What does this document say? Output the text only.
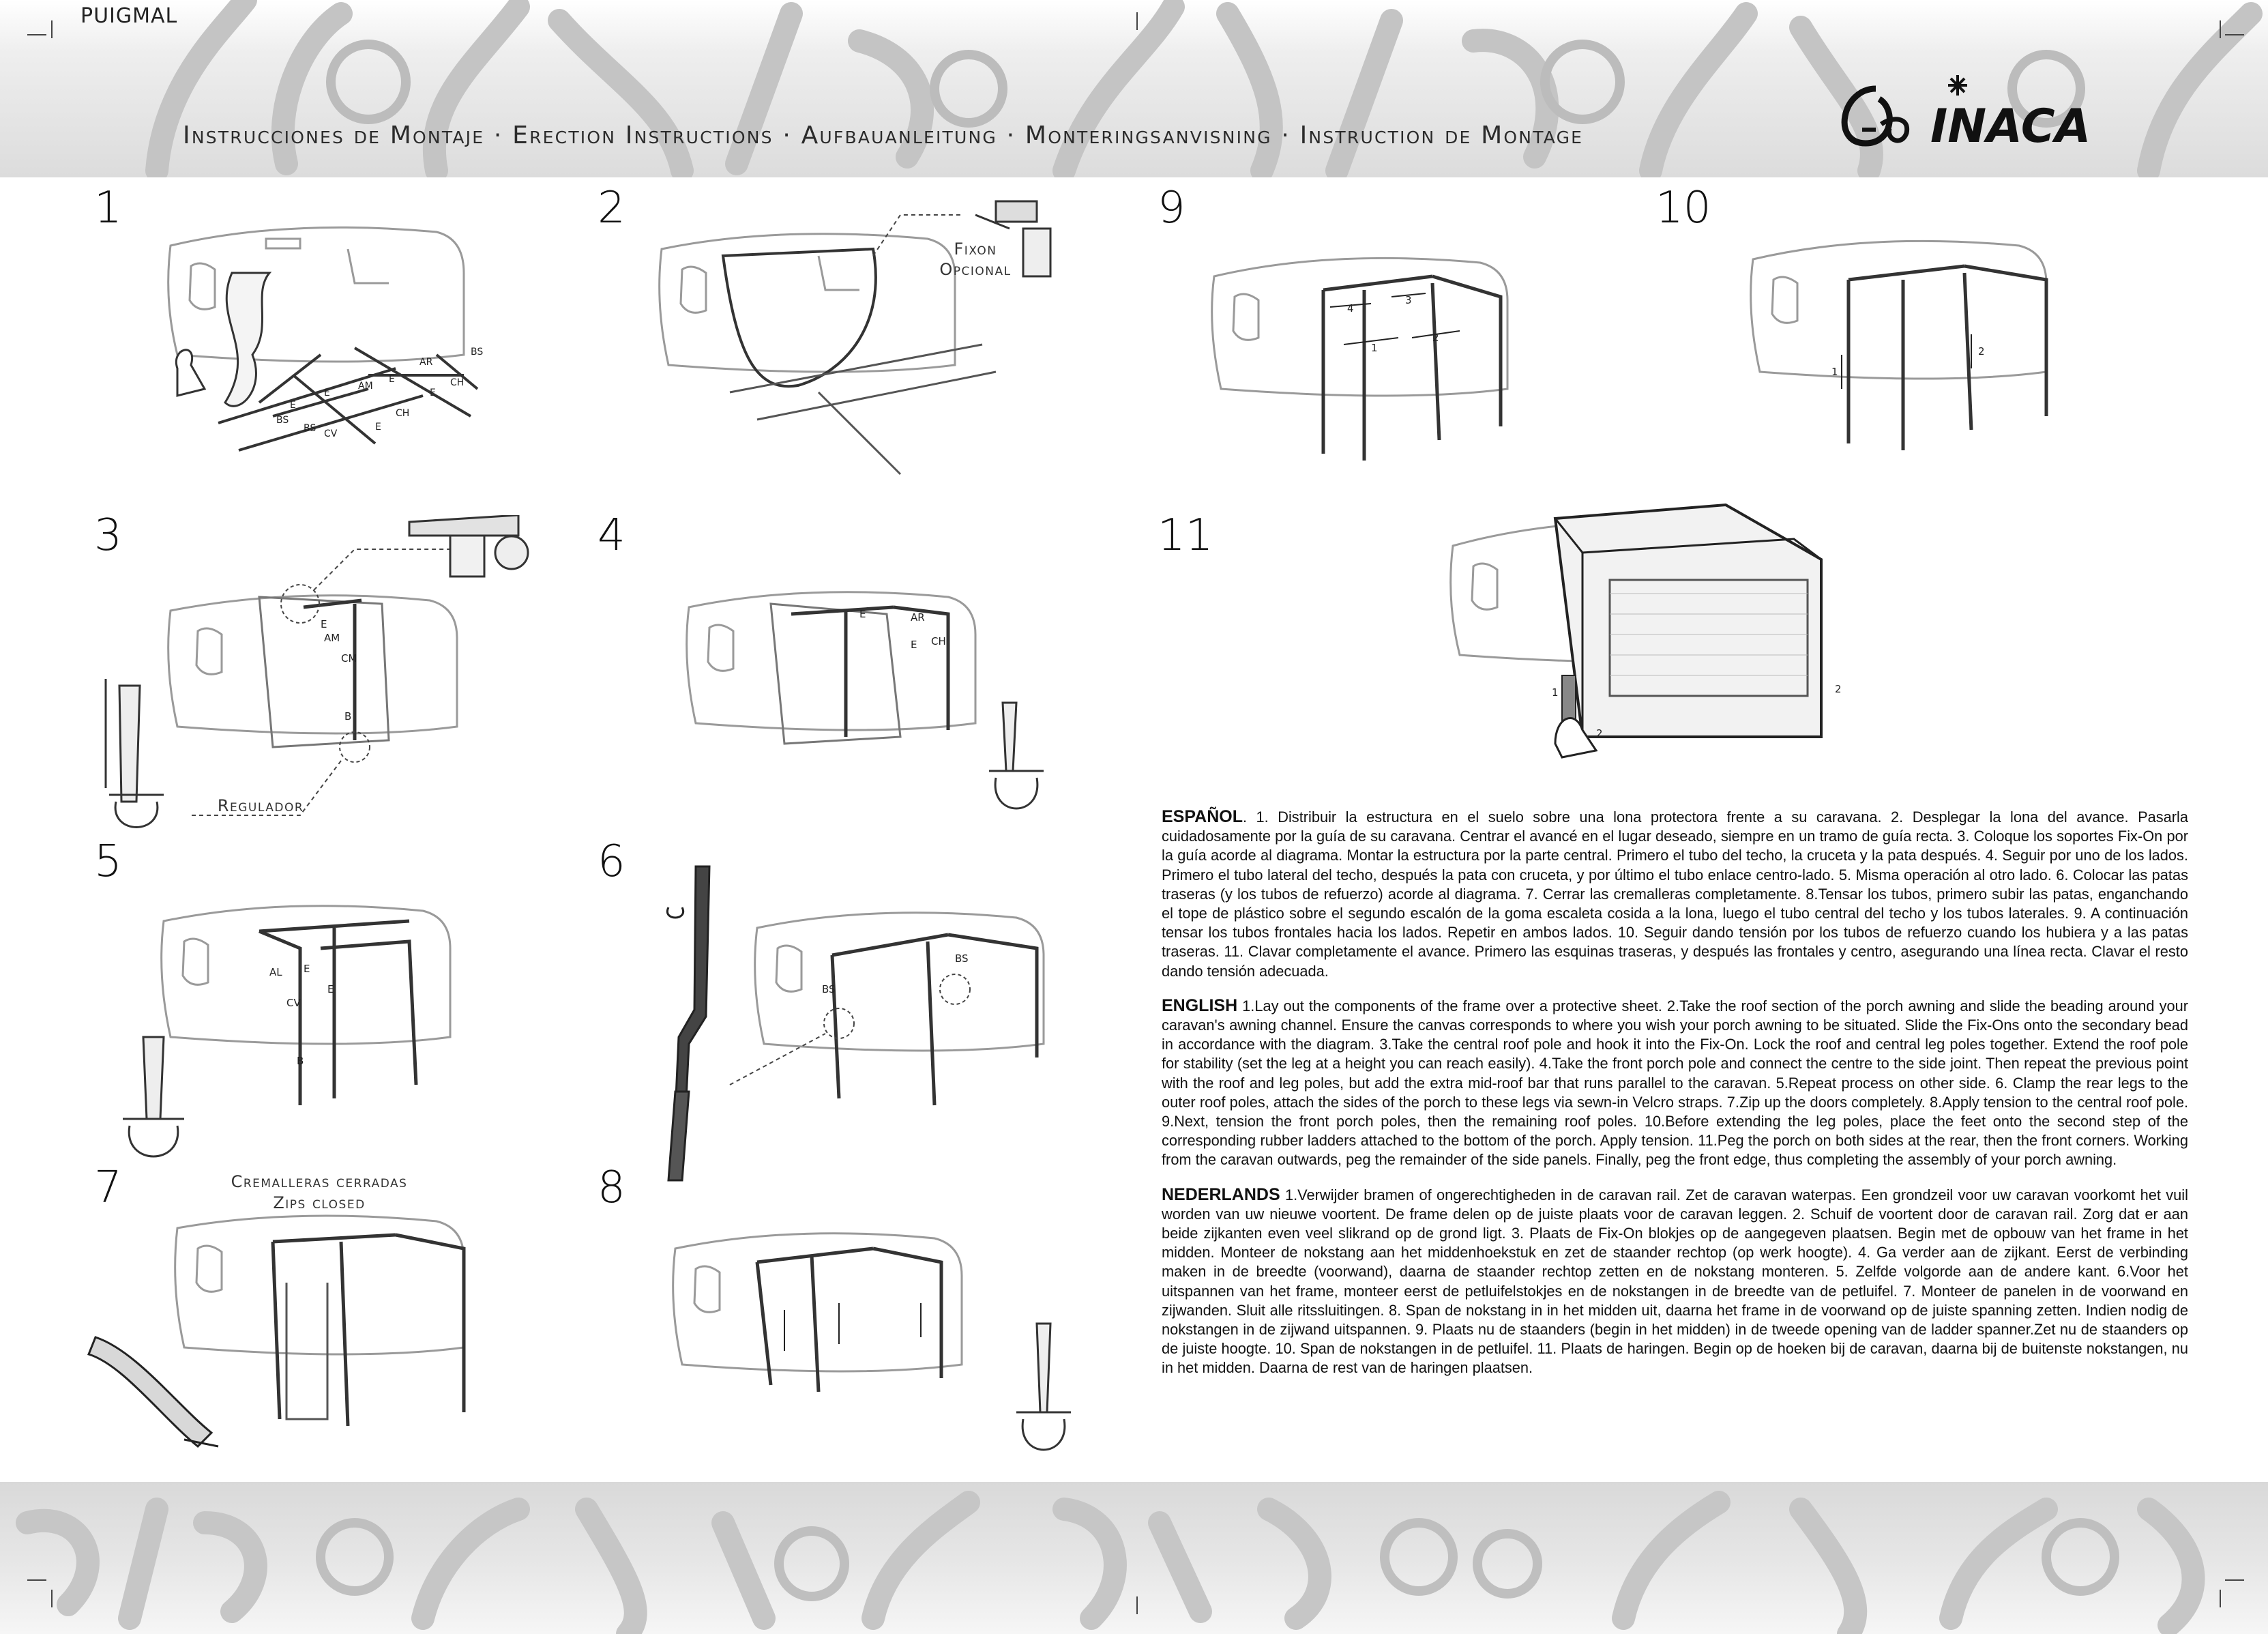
PUIGMAL
Instrucciones de Montaje · Erection Instructions · Aufbauanleitung · Monteringsanvisning · Instruction de Montage	INACA
1	2
3	4
5	6
7	8
9	10
11
BS
AR
CH
E
AM
E	E
BS
CV
CH
E
E
BS
Fixon Opcional
E
AM
CM
B
Regulador
E	AR
E CH
AL E
CV
E
B
BS
BS
Cremalleras cerradas
Zips closed
4
3
1
2
1
2
1	2
2

ESPAÑOL. 1. Distribuir la estructura en el suelo sobre una lona protectora frente a su caravana. 2. Desplegar la lona del avance. Pasarla cuidadosamente por la guía de su caravana. Centrar el avancé en el lugar deseado, siempre en un tramo de guía recta. 3. Coloque los soportes Fix-On por la guía acorde al diagrama. Montar la estructura por la parte central. Primero el tubo del techo, la cruceta y la pata después. 4. Seguir por uno de los lados. Primero el tubo lateral del techo, después la pata con cruceta, y por último el tubo enlace centro-lado. 5. Misma operación al otro lado. 6. Colocar las patas traseras (y los tubos de refuerzo) acorde al diagrama. 7. Cerrar las cremalleras completamente. 8.Tensar los tubos, primero subir las patas, enganchando el tope de plástico sobre el segundo escalón de la goma escaleta cosida a la lona, luego el tubo central del techo y los tubos laterales. 9. A continuación tensar los tubos frontales hacia los lados. Repetir en ambos lados. 10. Seguir dando tensión por los tubos de refuerzo cuando los hubiera y a las patas traseras. 11. Clavar completamente el avance. Primero las esquinas traseras, y después las frontales y centro, asegurando una línea recta. Clavar el resto dando tensión adecuada.

ENGLISH 1.Lay out the components of the frame over a protective sheet. 2.Take the roof section of the porch awning and slide the beading around your caravan's awning channel. Ensure the canvas corresponds to where you wish your porch awning to be situated. Slide the Fix-Ons onto the secondary bead in accordance with the diagram. 3.Take the central roof pole and hook it into the Fix-On. Lock the roof and central leg poles together. Extend the roof pole for stability (set the leg at a height you can reach easily). 4.Take the front porch pole and connect the centre to the side joint. Then repeat the previous point with the roof and leg poles, but add the extra mid-roof bar that runs parallel to the caravan. 5.Repeat process on other side. 6. Clamp the rear legs to the outer roof poles, attach the sides of the porch to these legs via sewn-in Velcro straps. 7.Zip up the doors completely. 8.Apply tension to the central roof pole. 9.Next, tension the front porch poles, then the remaining roof poles. 10.Before extending the leg poles, place the feet onto the second step of the corresponding rubber ladders attached to the bottom of the porch. Apply tension. 11.Peg the porch on both sides at the rear, then the front corners. Working from the caravan outwards, peg the remainder of the side panels. Finally, peg the front edge, thus completing the assembly of your porch awning.

NEDERLANDS 1.Verwijder bramen of ongerechtigheden in de caravan rail. Zet de caravan waterpas. Een grondzeil voor uw caravan voorkomt het vuil worden van uw nieuwe voortent. De frame delen op de juiste plaats voor de caravan leggen. 2. Schuif de voortent door de caravan rail. Zorg dat er aan beide zijkanten even veel slikrand op de grond ligt. 3. Plaats de Fix-On blokjes op de aangegeven plaatsen. Begin met de opbouw van het frame in het midden. Monteer de nokstang aan het middenhoekstuk en zet de staander rechtop (op werk hoogte). 4. Ga verder aan de zijkant. Eerst de verbinding maken in de breedte (voorwand), daarna de staander rechtop zetten en de nokstang monteren. 5. Zelfde volgorde aan de andere kant. 6.Voor het uitspannen van het frame, monteer eerst de petluifelstokjes en de nokstangen in de breedte van de petluifel. 7. Monteer de panelen in de voorwand en zijwanden. Sluit alle ritssluitingen. 8. Span de nokstang in in het midden uit, daarna het frame in de voorwand op de juiste spanning zetten. Indien nodig de nokstangen in de zijwand uitspannen. 9. Plaats nu de staanders (begin in het midden) in de tweede opening van de ladder spanner.Zet nu de staanders op de juiste hoogte. 10. Span de nokstangen in de petluifel. 11. Plaats de haringen. Begin op de hoeken bij de caravan, daarna bij de buitenste nokstangen, nu in het midden. Daarna de rest van de haringen plaatsen.
